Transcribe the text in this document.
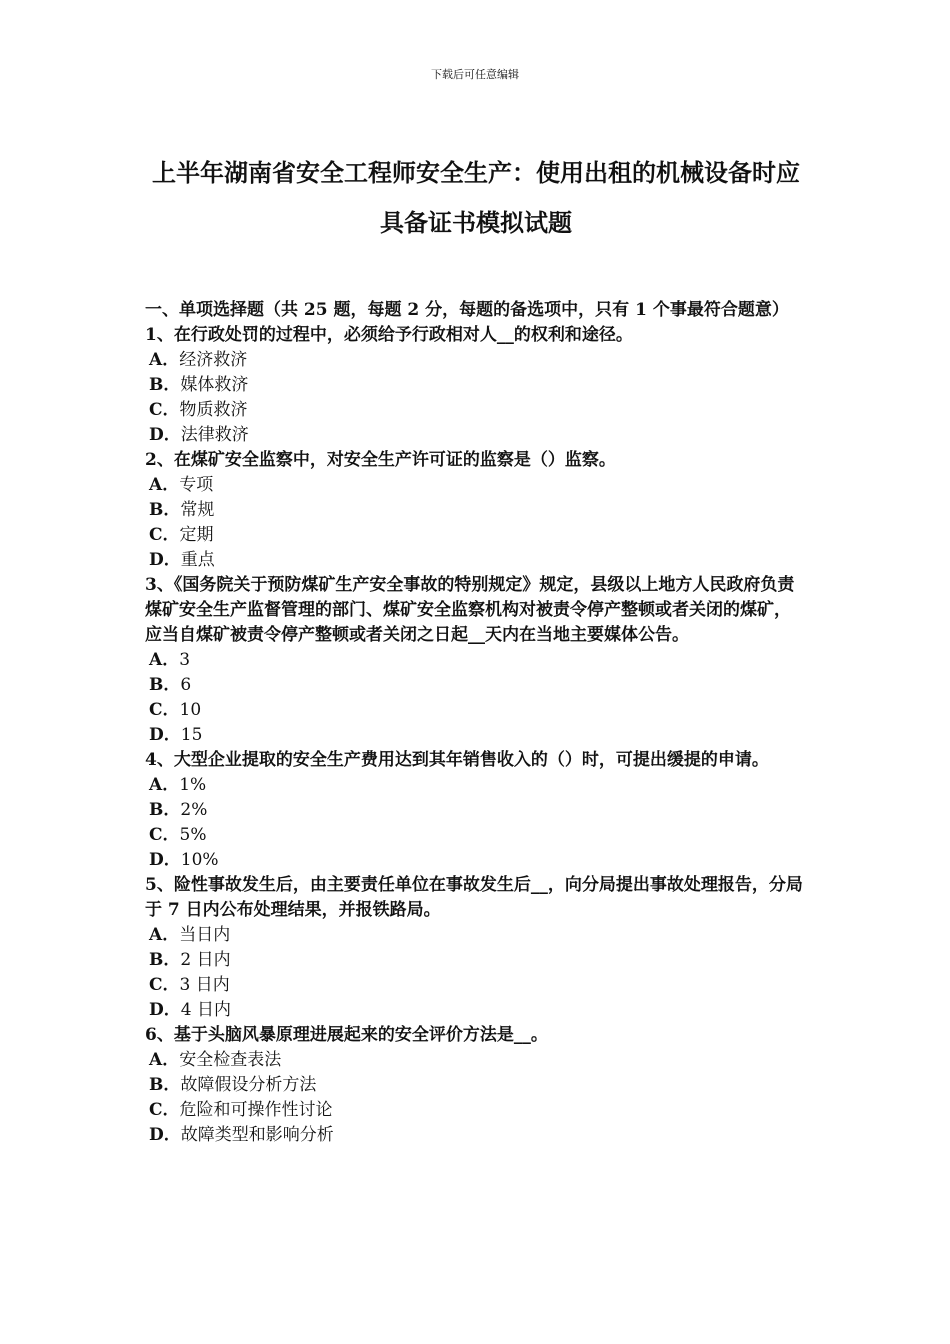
下载后可任意编辑
上半年湖南省安全工程师安全生产：使用出租的机械设备时应具备证书模拟试题

一、单项选择题（共 25 题，每题 2 分，每题的备选项中，只有 1 个事最符合题意）

1、在行政处罚的过程中，必须给予行政相对人__的权利和途径。

A．经济救济
B．媒体救济
C．物质救济
D．法律救济

2、在煤矿安全监察中，对安全生产许可证的监察是（）监察。

A．专项
B．常规
C．定期
D．重点

3、《国务院关于预防煤矿生产安全事故的特别规定》规定，县级以上地方人民政府负责煤矿安全生产监督管理的部门、煤矿安全监察机构对被责令停产整顿或者关闭的煤矿，应当自煤矿被责令停产整顿或者关闭之日起__天内在当地主要媒体公告。

A．3
B．6
C．10
D．15

4、大型企业提取的安全生产费用达到其年销售收入的（）时，可提出缓提的申请。

A．1%
B．2%
C．5%
D．10%

5、险性事故发生后，由主要责任单位在事故发生后__，向分局提出事故处理报告，分局于 7 日内公布处理结果，并报铁路局。

A．当日内
B．2 日内
C．3 日内
D．4 日内

6、基于头脑风暴原理进展起来的安全评价方法是__。

A．安全检查表法
B．故障假设分析方法
C．危险和可操作性讨论
D．故障类型和影响分析
